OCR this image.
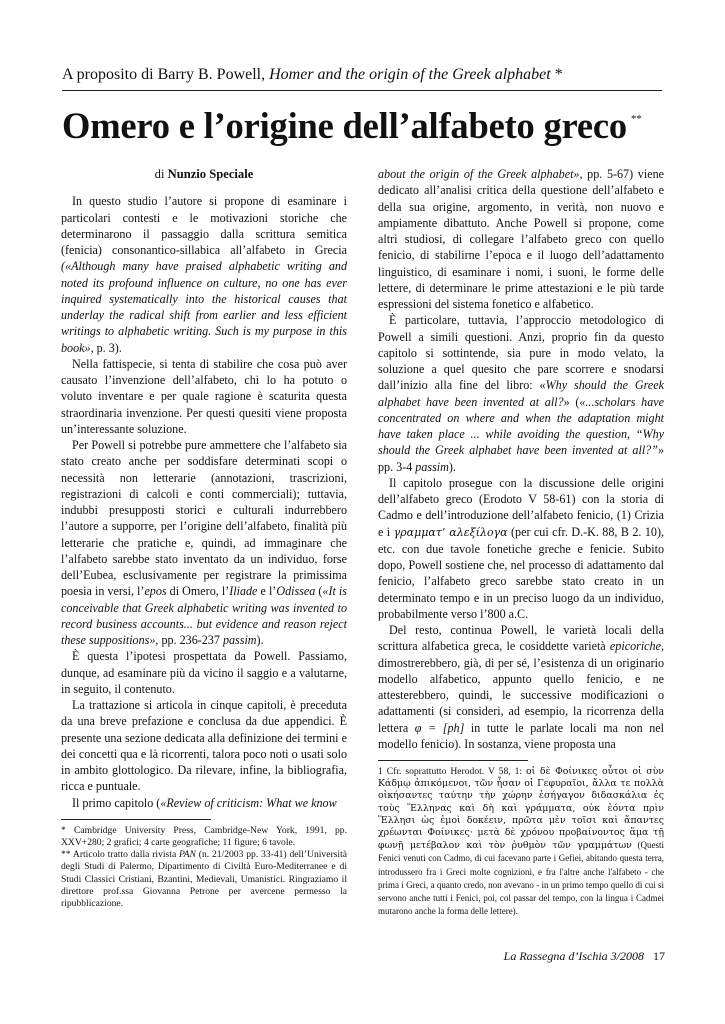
A proposito di Barry B. Powell, Homer and the origin of the Greek alphabet *
Omero e l’origine dell’alfabeto greco **
di Nunzio Speciale

In questo studio l’autore si propone di esaminare i particolari contesti e le motivazioni storiche che determinarono il passaggio dalla scrittura semitica (fenicia) consonantico-sillabica all’alfabeto in Grecia («Although many have praised alphabetic writing and noted its profound influence on culture, no one has ever inquired systematically into the historical causes that underlay the radical shift from earlier and less efficient writings to alphabetic writing. Such is my purpose in this book», p. 3).

Nella fattispecie, si tenta di stabilire che cosa può aver causato l’invenzione dell’alfabeto, chi lo ha potuto o voluto inventare e per quale ragione è scaturita questa straordinaria invenzione. Per questi quesiti viene proposta un’interessante soluzione.

Per Powell si potrebbe pure ammettere che l’alfabeto sia stato creato anche per soddisfare determinati scopi o necessità non letterarie (annotazioni, trascrizioni, registrazioni di calcoli e conti commerciali); tuttavia, indubbi presupposti storici e culturali indurrebbero l’autore a supporre, per l’origine dell’alfabeto, finalità più letterarie che pratiche e, quindi, ad immaginare che l’alfabeto sarebbe stato inventato da un individuo, forse dell’Eubea, esclusivamente per registrare la primissima poesia in versi, l’epos di Omero, l’Iliade e l’Odissea («It is conceivable that Greek alphabetic writing was invented to record business accounts... but evidence and reason reject these suppositions», pp. 236-237 passim).

È questa l’ipotesi prospettata da Powell. Passiamo, dunque, ad esaminare più da vicino il saggio e a valutarne, in seguito, il contenuto.

La trattazione si articola in cinque capitoli, è preceduta da una breve prefazione e conclusa da due appendici. È presente una sezione dedicata alla definizione dei termini e dei concetti qua e là ricorrenti, talora poco noti o usati solo in ambito glottologico. Da rilevare, infine, la bibliografia, ricca e puntuale.

Il primo capitolo («Review of criticism: What we know

* Cambridge University Press, Cambridge-New York, 1991, pp. XXV+280; 2 grafici; 4 carte geografiche; 11 figure; 6 tavole.

** Articolo tratto dalla rivista PAN (n. 21/2003 pp. 33-41) dell’Università degli Studi di Palermo, Dipartimento di Civiltà Euro-Mediterranee e di Studi Classici Cristiani, Bzantini, Medievali, Umanistici. Ringraziamo il direttore prof.ssa Giovanna Petrone per avercene permesso la ripubblicazione.

about the origin of the Greek alphabet», pp. 5-67) viene dedicato all’analisi critica della questione dell’alfabeto e della sua origine, argomento, in verità, non nuovo e ampiamente dibattuto. Anche Powell si propone, come altri studiosi, di collegare l’alfabeto greco con quello fenicio, di stabilirne l’epoca e il luogo dell’adattamento linguistico, di esaminare i nomi, i suoni, le forme delle lettere, di determinare le prime attestazioni e le più tarde espressioni del sistema fonetico e alfabetico.

È particolare, tuttavia, l’approccio metodologico di Powell a simili questioni. Anzi, proprio fin da questo capitolo si sottintende, sia pure in modo velato, la soluzione a quel quesito che pare scorrere e snodarsi dall’inizio alla fine del libro: «Why should the Greek alphabet have been invented at all?» («...scholars have concentrated on where and when the adaptation might have taken place ... while avoiding the question, “Why should the Greek alphabet have been invented at all?”» pp. 3-4 passim).

Il capitolo prosegue con la discussione delle origini dell’alfabeto greco (Erodoto V 58-61) con la storia di Cadmo e dell’introduzione dell’alfabeto fenicio, (1) Crizia e i γραμματ’ αλεξίλογα (per cui cfr. D.-K. 88, B 2. 10), etc. con due tavole fonetiche greche e fenicie. Subito dopo, Powell sostiene che, nel processo di adattamento dal fenicio, l’alfabeto greco sarebbe stato creato in un determinato tempo e in un preciso luogo da un individuo, probabilmente verso l’800 a.C.

Del resto, continua Powell, le varietà locali della scrittura alfabetica greca, le cosiddette varietà epicoriche, dimostrerebbero, già, di per sé, l’esistenza di un originario modello alfabetico, appunto quello fenicio, e ne attesterebbero, quindi, le successive modificazioni o adattamenti (si consideri, ad esempio, la ricorrenza della lettera φ = [ph] in tutte le parlate locali ma non nel modello fenicio). In sostanza, viene proposta una

1 Cfr. soprattutto Herodot. V 58, 1: οἱ δὲ Φοίνικες οὗτοι οἱ σὺν Κάδμῳ ἀπικόμενοι, τῶν ἦσαν οἱ Γεφυραῖοι, ἄλλα τε πολλὰ οἰκήσαντες ταύτην τὴν χώρην ἐσήγαγον διδασκάλια ἐς τοὺς Ἕλληνας καὶ δὴ καὶ γράμματα, οὐκ ἐόντα πρὶν Ἕλλησι ὡς ἐμοὶ δοκέειν, πρῶτα μὲν τοῖσι καὶ ἅπαντες χρέωνται Φοίνικες· μετὰ δὲ χρόνου προβαίνοντος ἅμα τῇ φωνῇ μετέβαλον καὶ τὸν ῥυθμὸν τῶν γραμμάτων (Questi Fenici venuti con Cadmo, di cui facevano parte i Gefiei, abitando questa terra, introdussero fra i Greci molte cognizioni, e fra l'altre anche l'alfabeto - che prima i Greci, a quanto credo, non avevano - in un primo tempo quello di cui si servono anche tutti i Fenici, poi, col passar del tempo, con la lingua i Cadmei mutarono anche la forma delle lettere).

La Rassegna d’Ischia 3/2008 17
